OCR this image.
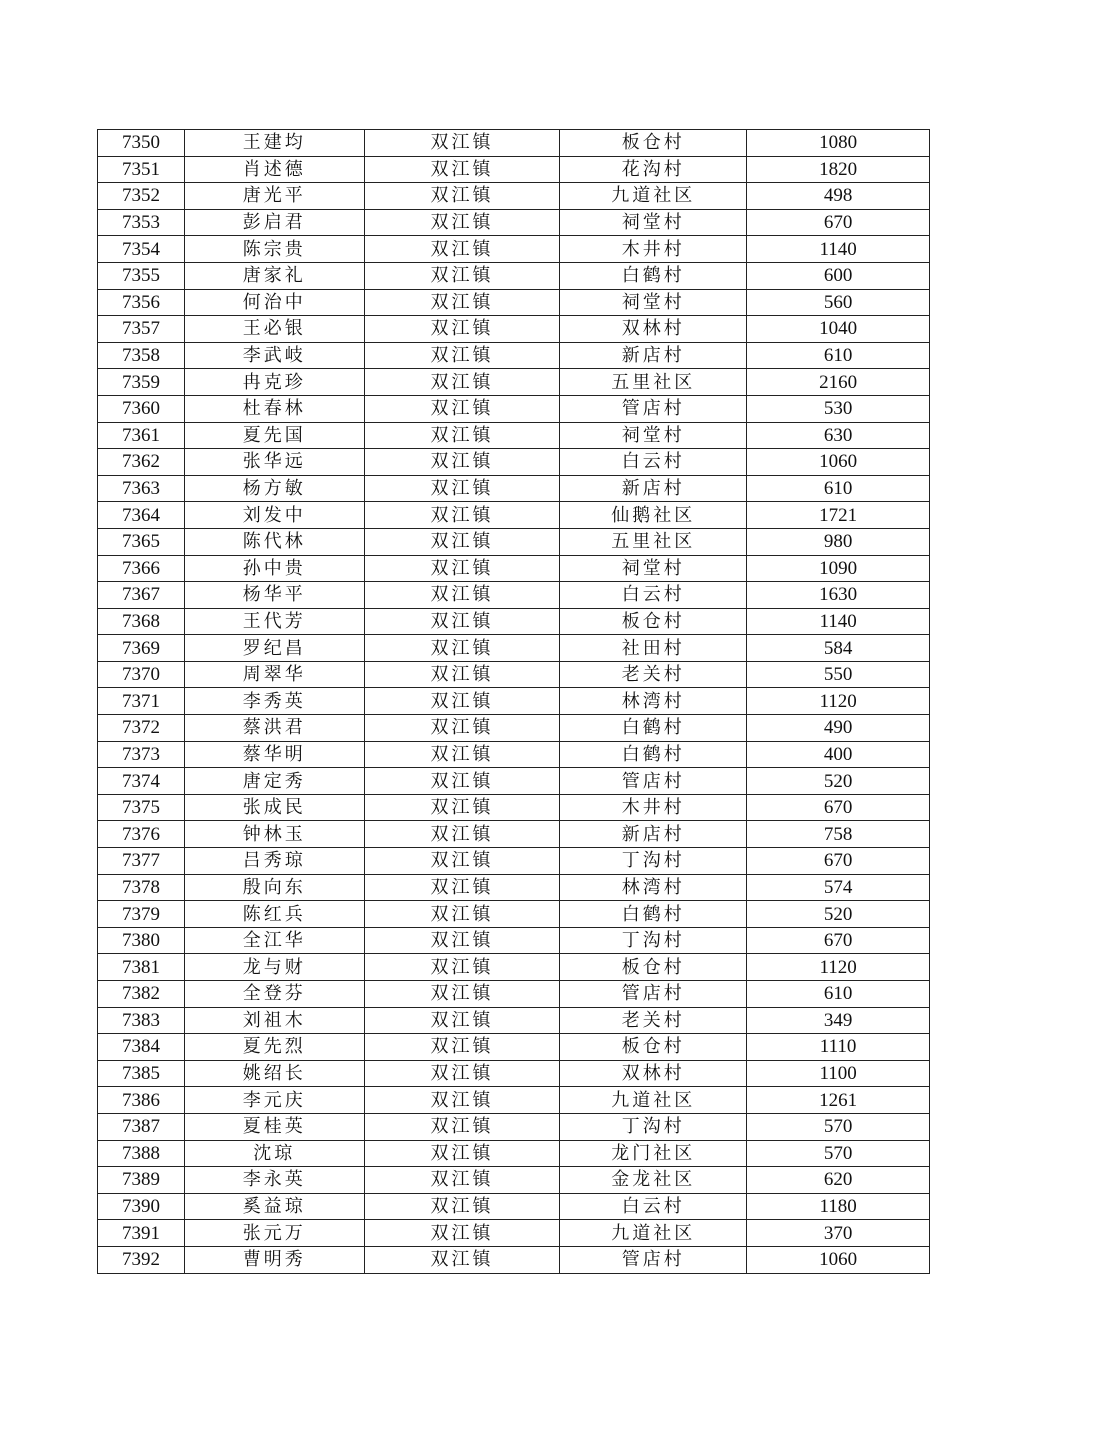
7350	王建均	双江镇	板仓村	1080
7351	肖述德	双江镇	花沟村	1820
7352	唐光平	双江镇	九道社区	498
7353	彭启君	双江镇	祠堂村	670
7354	陈宗贵	双江镇	木井村	1140
7355	唐家礼	双江镇	白鹤村	600
7356	何治中	双江镇	祠堂村	560
7357	王必银	双江镇	双林村	1040
7358	李武岐	双江镇	新店村	610
7359	冉克珍	双江镇	五里社区	2160
7360	杜春林	双江镇	管店村	530
7361	夏先国	双江镇	祠堂村	630
7362	张华远	双江镇	白云村	1060
7363	杨方敏	双江镇	新店村	610
7364	刘发中	双江镇	仙鹅社区	1721
7365	陈代林	双江镇	五里社区	980
7366	孙中贵	双江镇	祠堂村	1090
7367	杨华平	双江镇	白云村	1630
7368	王代芳	双江镇	板仓村	1140
7369	罗纪昌	双江镇	社田村	584
7370	周翠华	双江镇	老关村	550
7371	李秀英	双江镇	林湾村	1120
7372	蔡洪君	双江镇	白鹤村	490
7373	蔡华明	双江镇	白鹤村	400
7374	唐定秀	双江镇	管店村	520
7375	张成民	双江镇	木井村	670
7376	钟林玉	双江镇	新店村	758
7377	吕秀琼	双江镇	丁沟村	670
7378	殷向东	双江镇	林湾村	574
7379	陈红兵	双江镇	白鹤村	520
7380	全江华	双江镇	丁沟村	670
7381	龙与财	双江镇	板仓村	1120
7382	全登芬	双江镇	管店村	610
7383	刘祖木	双江镇	老关村	349
7384	夏先烈	双江镇	板仓村	1110
7385	姚绍长	双江镇	双林村	1100
7386	李元庆	双江镇	九道社区	1261
7387	夏桂英	双江镇	丁沟村	570
7388	沈琼	双江镇	龙门社区	570
7389	李永英	双江镇	金龙社区	620
7390	奚益琼	双江镇	白云村	1180
7391	张元万	双江镇	九道社区	370
7392	曹明秀	双江镇	管店村	1060
